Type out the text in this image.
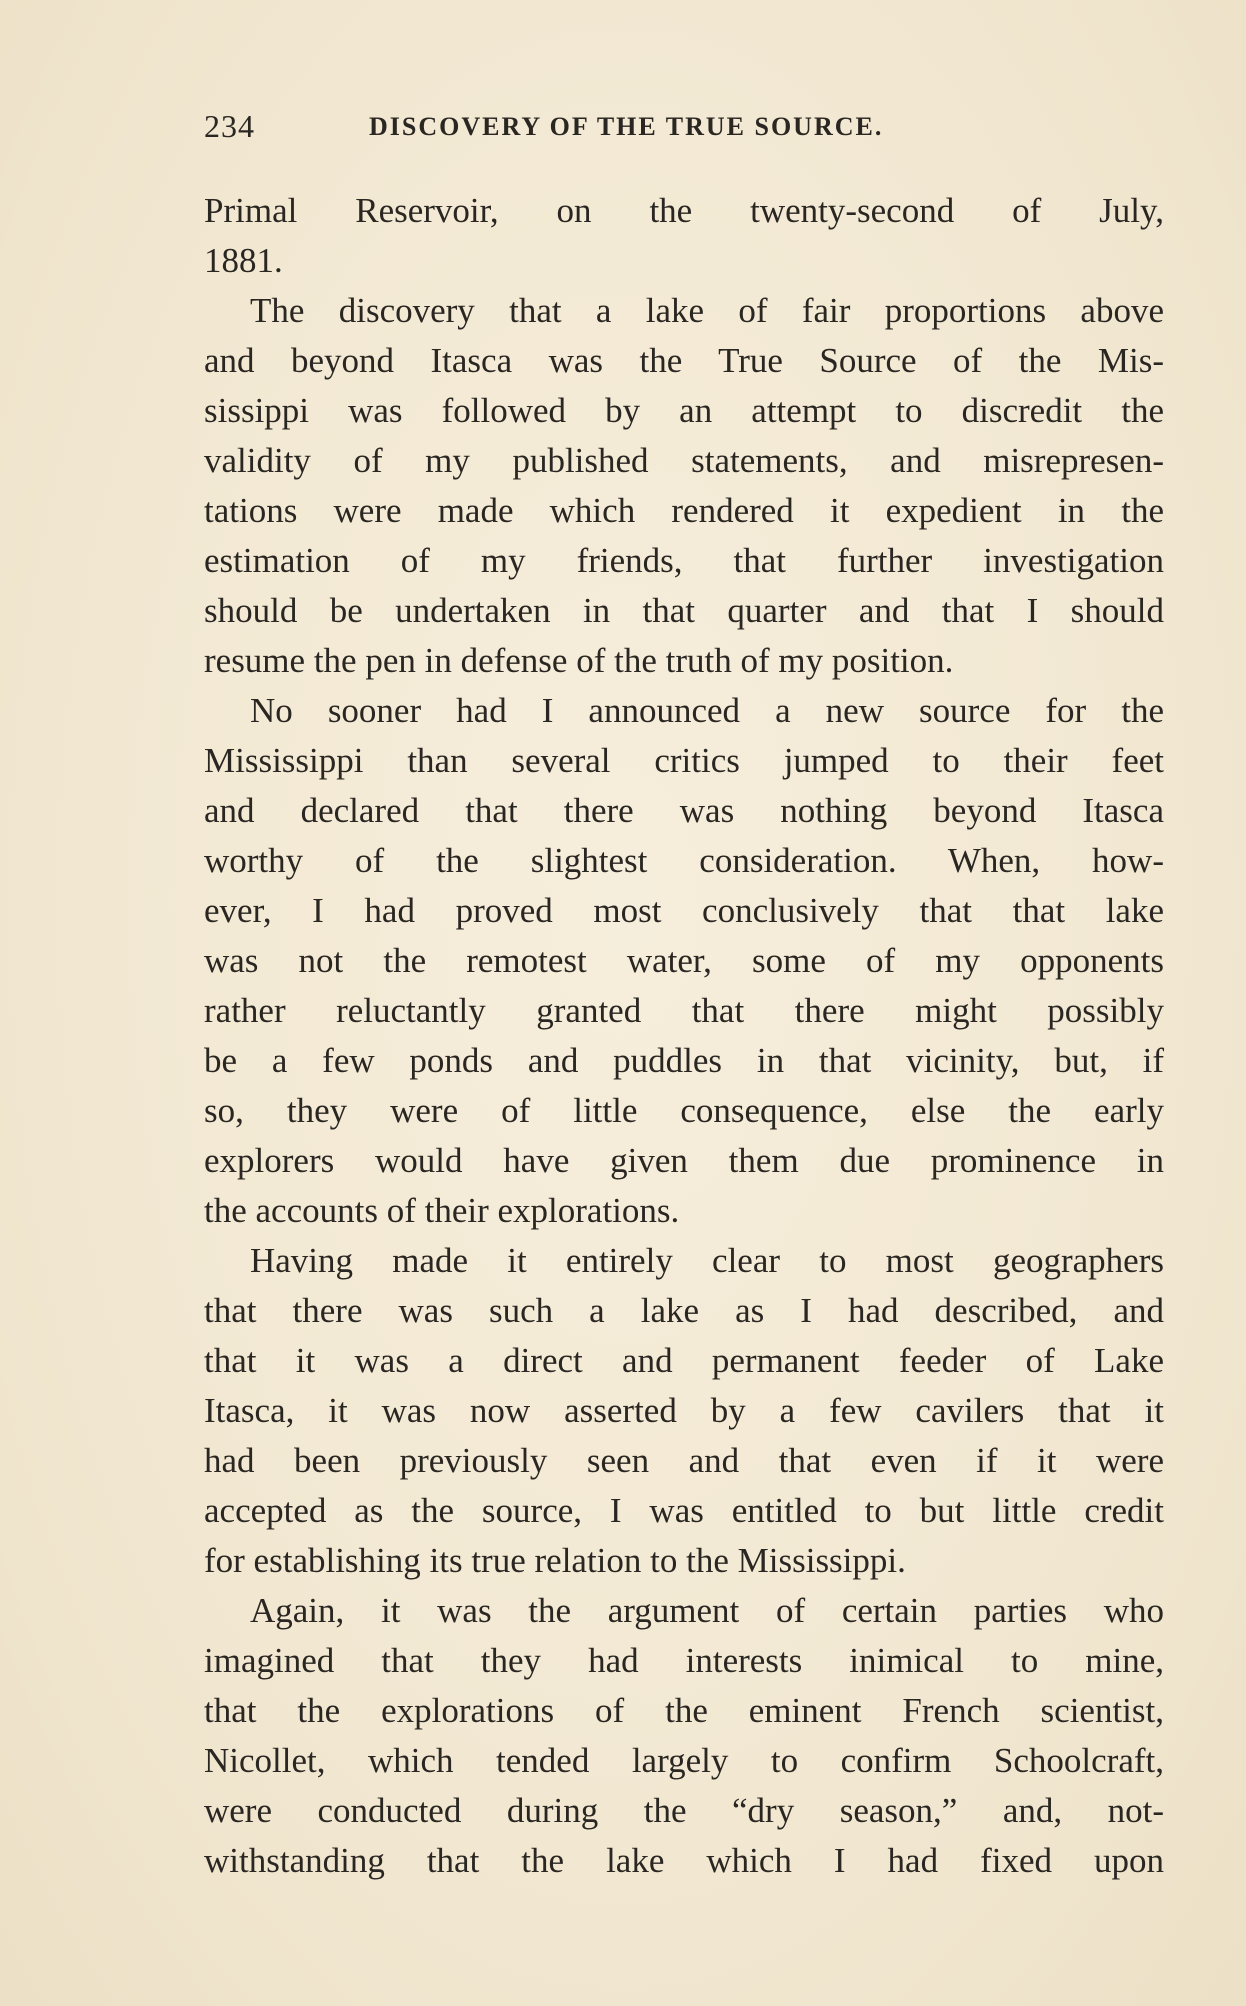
234	DISCOVERY OF THE TRUE SOURCE.
Primal Reservoir, on the twenty-second of July,
1881.
The discovery that a lake of fair proportions above
and beyond Itasca was the True Source of the Mis-
sissippi was followed by an attempt to discredit the
validity of my published statements, and misrepresen-
tations were made which rendered it expedient in the
estimation of my friends, that further investigation
should be undertaken in that quarter and that I should
resume the pen in defense of the truth of my position.
No sooner had I announced a new source for the
Mississippi than several critics jumped to their feet
and declared that there was nothing beyond Itasca
worthy of the slightest consideration. When, how-
ever, I had proved most conclusively that that lake
was not the remotest water, some of my opponents
rather reluctantly granted that there might possibly
be a few ponds and puddles in that vicinity, but, if
so, they were of little consequence, else the early
explorers would have given them due prominence in
the accounts of their explorations.
Having made it entirely clear to most geographers
that there was such a lake as I had described, and
that it was a direct and permanent feeder of Lake
Itasca, it was now asserted by a few cavilers that it
had been previously seen and that even if it were
accepted as the source, I was entitled to but little credit
for establishing its true relation to the Mississippi.
Again, it was the argument of certain parties who
imagined that they had interests inimical to mine,
that the explorations of the eminent French scientist,
Nicollet, which tended largely to confirm Schoolcraft,
were conducted during the “dry season,” and, not-
withstanding that the lake which I had fixed upon
